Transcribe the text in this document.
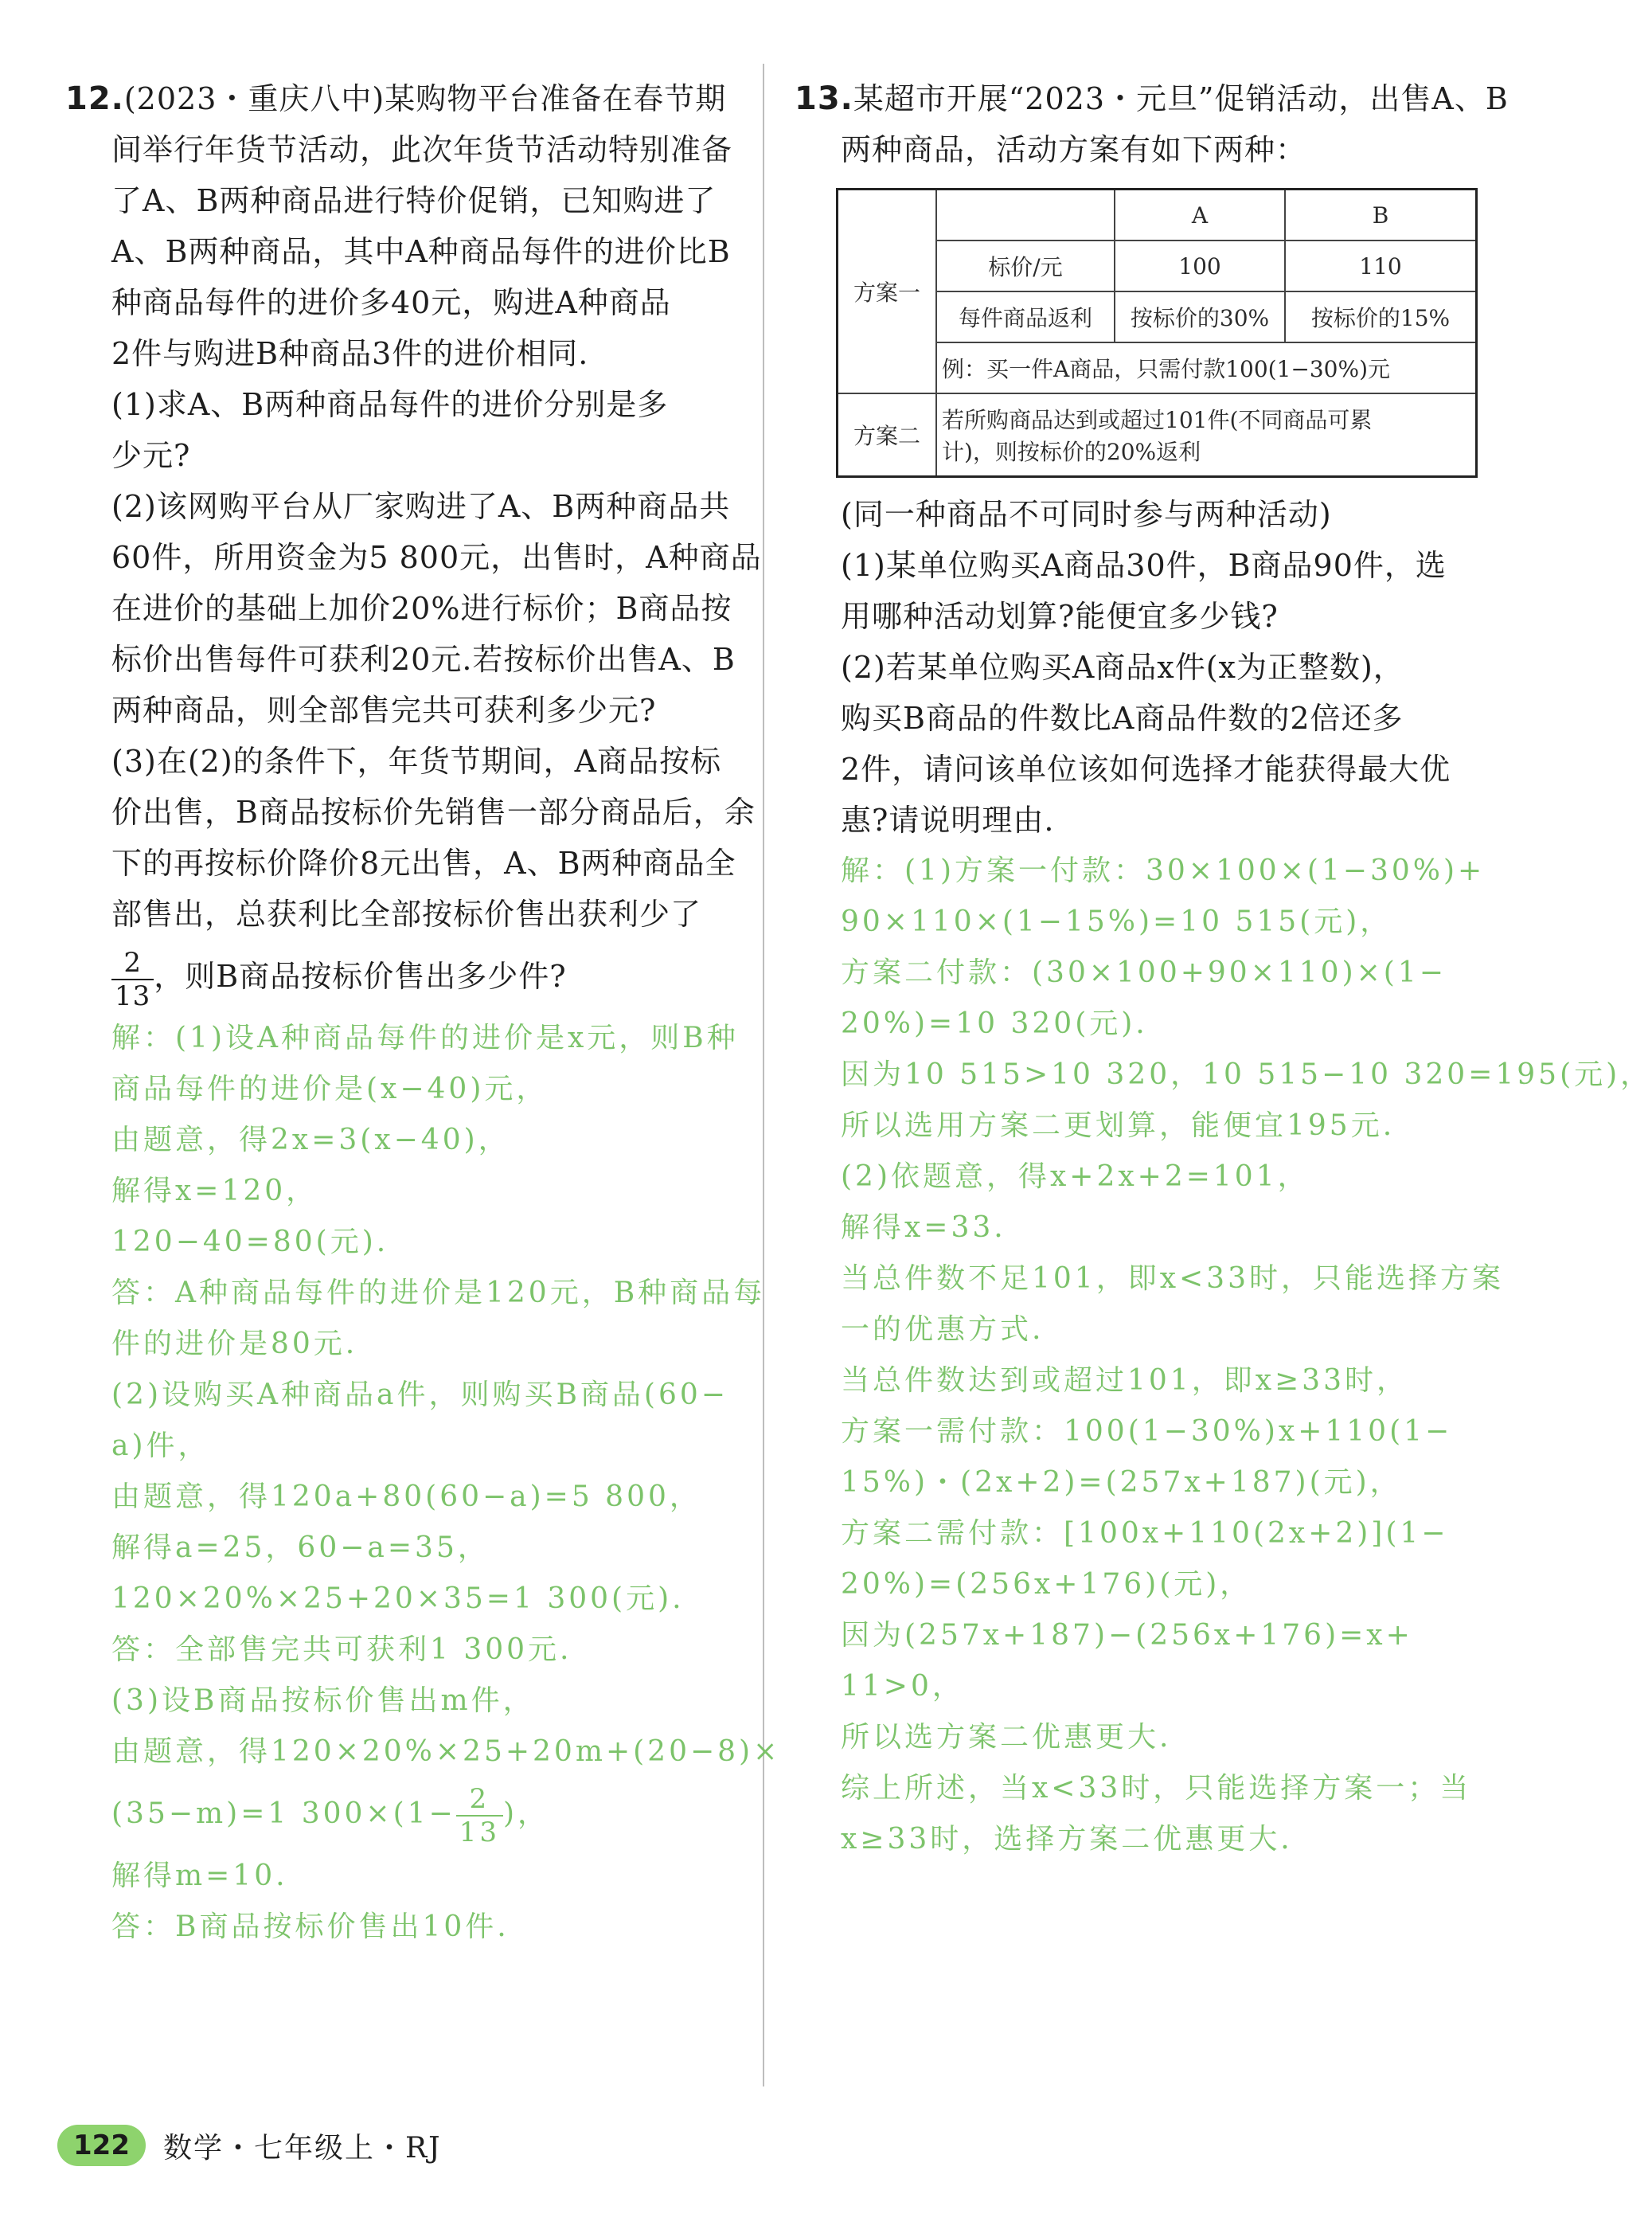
12.(2023・重庆八中)某购物平台准备在春节期
间举行年货节活动，此次年货节活动特别准备
了A、B两种商品进行特价促销，已知购进了
A、B两种商品，其中A种商品每件的进价比B
种商品每件的进价多40元，购进A种商品
2件与购进B种商品3件的进价相同.
(1)求A、B两种商品每件的进价分别是多
少元?
(2)该网购平台从厂家购进了A、B两种商品共
60件，所用资金为5 800元，出售时，A种商品
在进价的基础上加价20%进行标价；B商品按
标价出售每件可获利20元.若按标价出售A、B
两种商品，则全部售完共可获利多少元?
(3)在(2)的条件下，年货节期间，A商品按标
价出售，B商品按标价先销售一部分商品后，余
下的再按标价降价8元出售，A、B两种商品全
部售出，总获利比全部按标价售出获利少了
$\frac{2}{13}$ ，则B商品按标价售出多少件?
解：(1)设A种商品每件的进价是x元，则B种
商品每件的进价是(x−40)元，
由题意，得2x=3(x−40)，
解得x=120，
120−40=80(元).
答：A种商品每件的进价是120元，B种商品每
件的进价是80元.
(2)设购买A种商品a件，则购买B商品(60−
a)件，
由题意，得120a+80(60−a)=5 800，
解得a=25，60−a=35，
120×20%×25+20×35=1 300(元).
答：全部售完共可获利1 300元.
(3)设B商品按标价售出m件，
由题意，得120×20%×25+20m+(20−8)×
(35−m)=1 $300\times(1- \frac{2}{13}$ )，
解得m=10.
答：B商品按标价售出10件.
13.某超市开展“2023・元旦”促销活动，出售A、B
两种商品，活动方案有如下两种：
方案一		A	B
	标价/元	100	110
	每件商品返利	按标价的30%	按标价的15%
	例：买一件A商品，只需付款100(1−30%)元		
方案二	若所购商品达到或超过101件(不同商品可累
计)，则按标价的20%返利		
(同一种商品不可同时参与两种活动)
(1)某单位购买A商品30件，B商品90件，选
用哪种活动划算?能便宜多少钱?
(2)若某单位购买A商品x件(x为正整数)，
购买B商品的件数比A商品件数的2倍还多
2件，请问该单位该如何选择才能获得最大优
惠?请说明理由.
解：(1)方案一付款：30×100×(1−30%)+
90×110×(1−15%)=10 515(元)，
方案二付款：(30×100+90×110)×(1−
20%)=10 320(元).
因为10 515>10 320，10 515−10 320=195(元)，
所以选用方案二更划算，能便宜195元.
(2)依题意，得x+2x+2=101，
解得x=33.
当总件数不足101，即x<33时，只能选择方案
一的优惠方式.
当总件数达到或超过101，即x≥33时，
方案一需付款：100(1−30%)x+110(1−
15%)・(2x+2)=(257x+187)(元)，
方案二需付款：[100x+110(2x+2)](1−
20%)=(256x+176)(元)，
因为(257x+187)−(256x+176)=x+
11>0，
所以选方案二优惠更大.
综上所述，当x<33时，只能选择方案一；当
x≥33时，选择方案二优惠更大.
122	数学・七年级上・RJ
